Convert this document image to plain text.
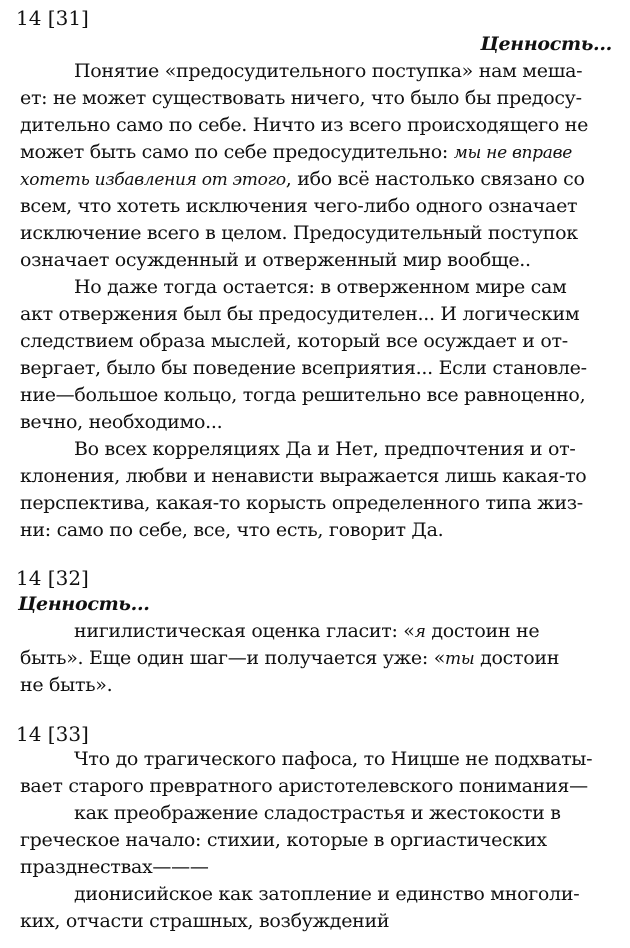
14 [31]
Ценность...
Понятие «предосудительного поступка» нам меша-
ет: не может существовать ничего, что было бы предосу-
дительно само по себе. Ничто из всего происходящего не
может быть само по себе предосудительно: мы не вправе
хотеть избавления от этого, ибо всё настолько связано со
всем, что хотеть исключения чего-либо одного означает
исключение всего в целом. Предосудительный поступок
означает осужденный и отверженный мир вообще..
Но даже тогда остается: в отверженном мире сам
акт отвержения был бы предосудителен... И логическим
следствием образа мыслей, который все осуждает и от-
вергает, было бы поведение всеприятия... Если становле-
ние—большое кольцо, тогда решительно все равноценно,
вечно, необходимо...
Во всех корреляциях Да и Нет, предпочтения и от-
клонения, любви и ненависти выражается лишь какая-то
перспектива, какая-то корысть определенного типа жиз-
ни: само по себе, все, что есть, говорит Да.
14 [32]
Ценность...
нигилистическая оценка гласит: «я достоин не
быть». Еще один шаг—и получается уже: «ты достоин
не быть».
14 [33]
Что до трагического пафоса, то Ницше не подхваты-
вает старого превратного аристотелевского понимания—
как преображение сладострастья и жестокости в
греческое начало: стихии, которые в оргиастических
празднествах———
дионисийское как затопление и единство многоли-
ких, отчасти страшных, возбуждений
